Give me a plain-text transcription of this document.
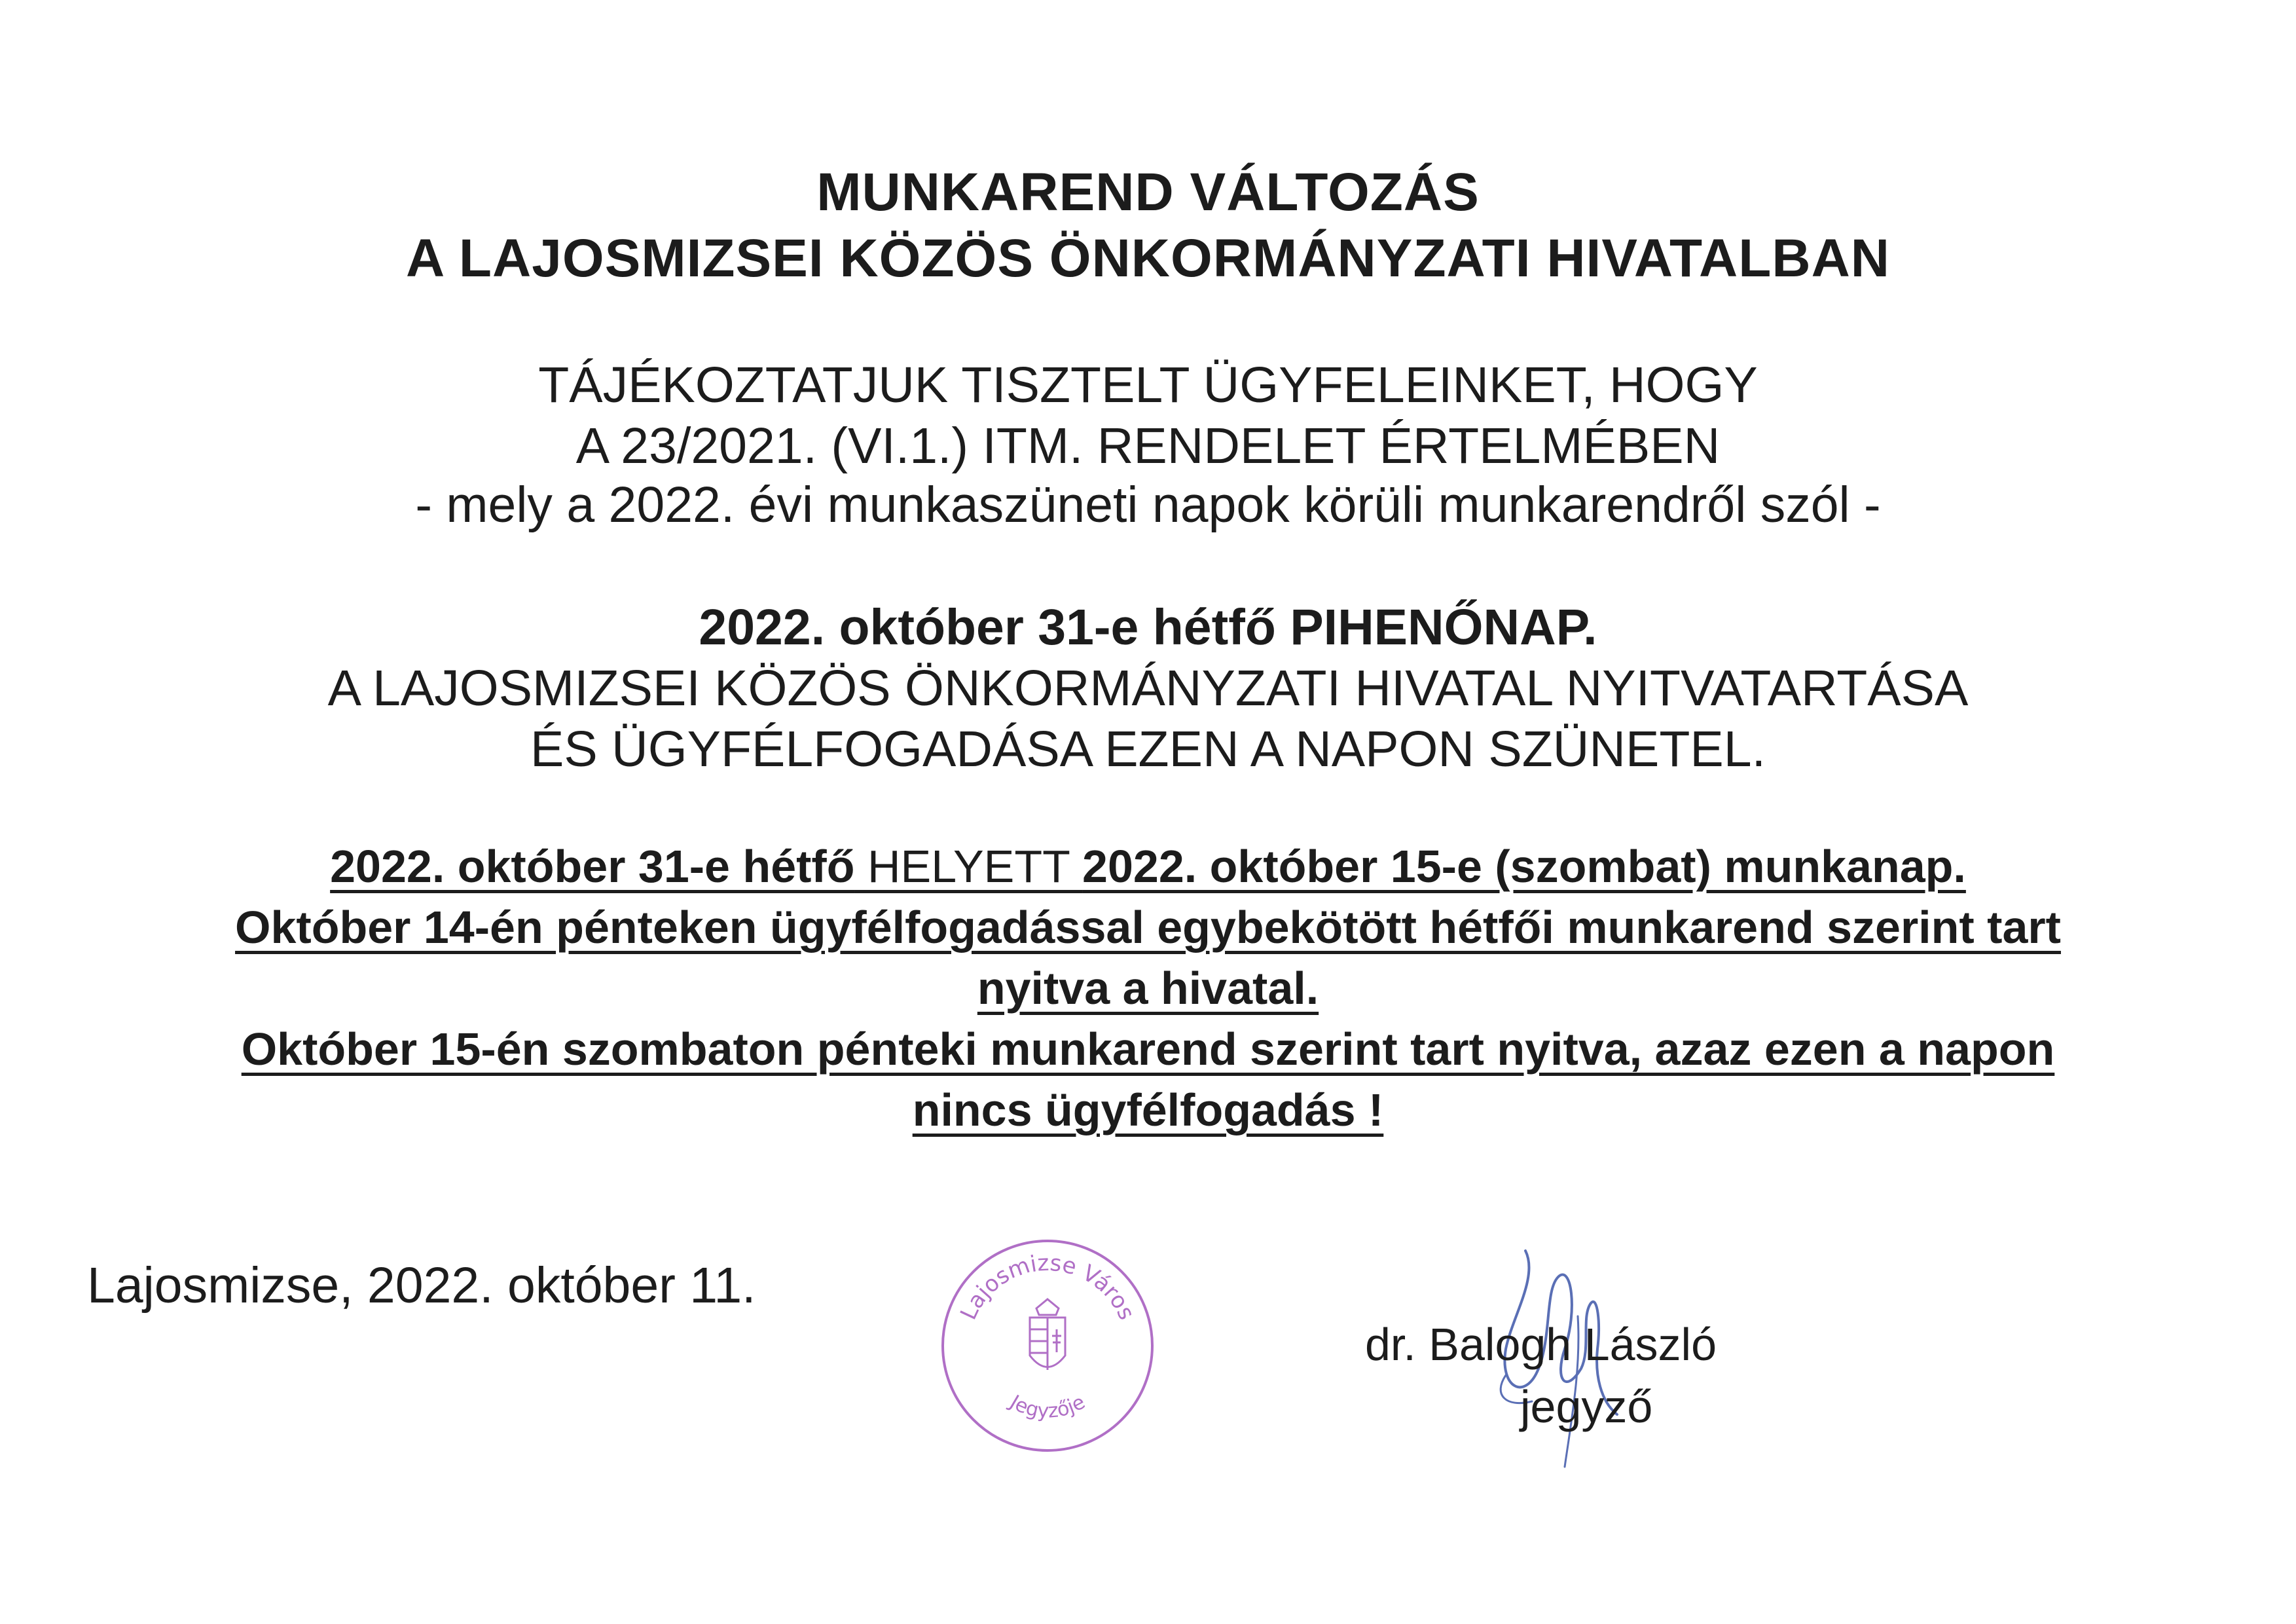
MUNKAREND VÁLTOZÁS
A LAJOSMIZSEI KÖZÖS ÖNKORMÁNYZATI HIVATALBAN
TÁJÉKOZTATJUK TISZTELT ÜGYFELEINKET, HOGY
A 23/2021. (VI.1.) ITM. RENDELET ÉRTELMÉBEN
- mely a 2022. évi munkaszüneti napok körüli munkarendről szól -
2022. október 31-e hétfő PIHENŐNAP.
A LAJOSMIZSEI KÖZÖS ÖNKORMÁNYZATI HIVATAL NYITVATARTÁSA
ÉS ÜGYFÉLFOGADÁSA EZEN A NAPON SZÜNETEL.
2022. október 31-e hétfő HELYETT 2022. október 15-e (szombat) munkanap.
Október 14-én pénteken ügyfélfogadással egybekötött hétfői munkarend szerint tart
nyitva a hivatal.
Október 15-én szombaton pénteki munkarend szerint tart nyitva, azaz ezen a napon
nincs ügyfélfogadás !
Lajosmizse, 2022. október 11.	Lajosmizse Város
Jegyzője
dr. Balogh László
jegyző
